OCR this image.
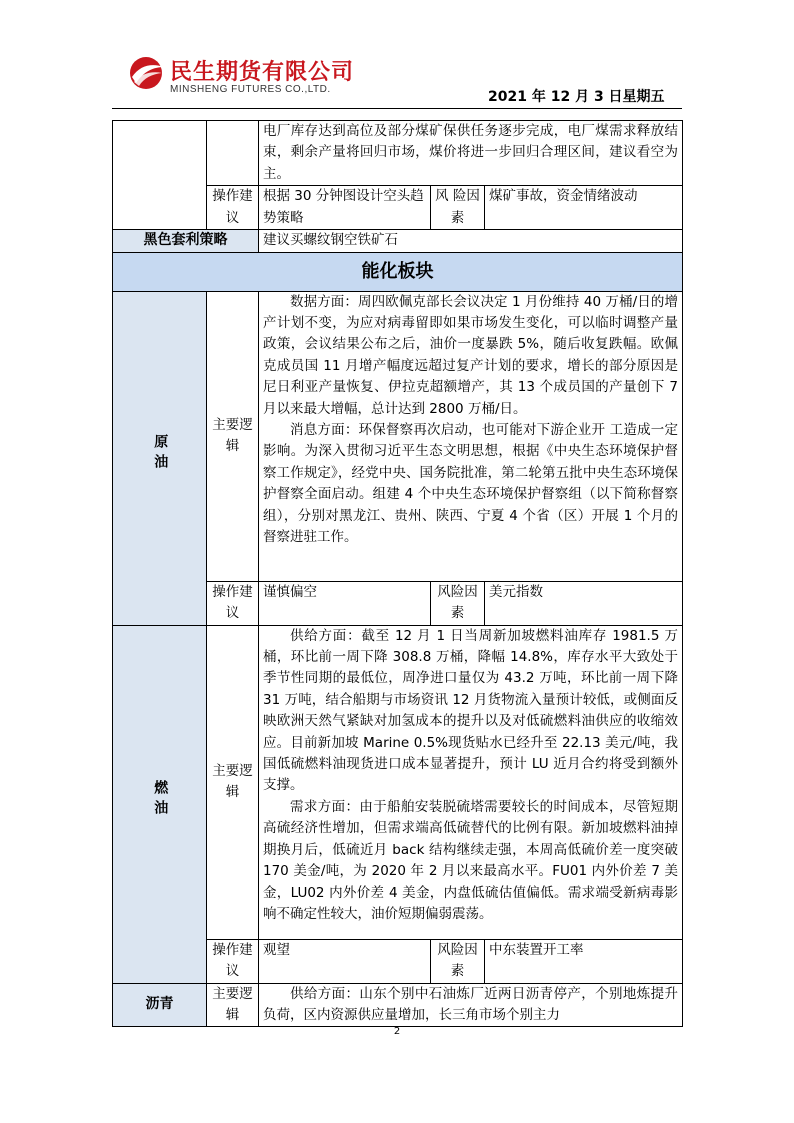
民生期货有限公司
MINSHENG FUTURES CO.,LTD.	2021 年 12 月 3 日星期五

		电厂库存达到高位及部分煤矿保供任务逐步完成，电厂煤需求释放结束，剩余产量将回归市场，煤价将进一步回归合理区间，建议看空为主。		

	操作建议	根据 30 分钟图设计空头趋势策略	风 险因素	煤矿事故，资金情绪波动
黑色套利策略		建议买螺纹钢空铁矿石		
能化板块				
原油	主要逻辑	数据方面：周四欧佩克部长会议决定 1 月份维持 40 万桶/日的增产计划不变，为应对病毒留即如果市场发生变化，可以临时调整产量政策，会议结果公布之后，油价一度暴跌 5%，随后收复跌幅。欧佩克成员国 11 月增产幅度远超过复产计划的要求，增长的部分原因是尼日利亚产量恢复、伊拉克超额增产，其 13 个成员国的产量创下 7 月以来最大增幅，总计达到 2800 万桶/日。

消息方面：环保督察再次启动，也可能对下游企业开 工造成一定影响。为深入贯彻习近平生态文明思想，根据《中央生态环境保护督察工作规定》，经党中央、国务院批准，第二轮第五批中央生态环境保护督察全面启动。组建 4 个中央生态环境保护督察组（以下简称督察组），分别对黑龙江、贵州、陕西、宁夏 4 个省（区）开展 1 个月的督察进驻工作。		

	操作建议	谨慎偏空	风险因素	美元指数
燃油	主要逻辑	供给方面：截至 12 月 1 日当周新加坡燃料油库存 1981.5 万桶，环比前一周下降 308.8 万桶，降幅 14.8%，库存水平大致处于季节性同期的最低位，周净进口量仅为 43.2 万吨，环比前一周下降 31 万吨，结合船期与市场资讯 12 月货物流入量预计较低，或侧面反映欧洲天然气紧缺对加氢成本的提升以及对低硫燃料油供应的收缩效应。目前新加坡 Marine 0.5%现货贴水已经升至 22.13 美元/吨，我国低硫燃料油现货进口成本显著提升，预计 LU 近月合约将受到额外支撑。

需求方面：由于船舶安装脱硫塔需要较长的时间成本，尽管短期高硫经济性增加，但需求端高低硫替代的比例有限。新加坡燃料油掉期换月后，低硫近月 back 结构继续走强，本周高低硫价差一度突破 170 美金/吨，为 2020 年 2 月以来最高水平。FU01 内外价差 7 美金，LU02 内外价差 4 美金，内盘低硫估值偏低。需求端受新病毒影响不确定性较大，油价短期偏弱震荡。		

	操作建议	观望	风险因素	中东装置开工率
沥青	主要逻辑	供给方面：山东个别中石油炼厂近两日沥青停产，个别地炼提升负荷，区内资源供应量增加，长三角市场个别主力		

2
